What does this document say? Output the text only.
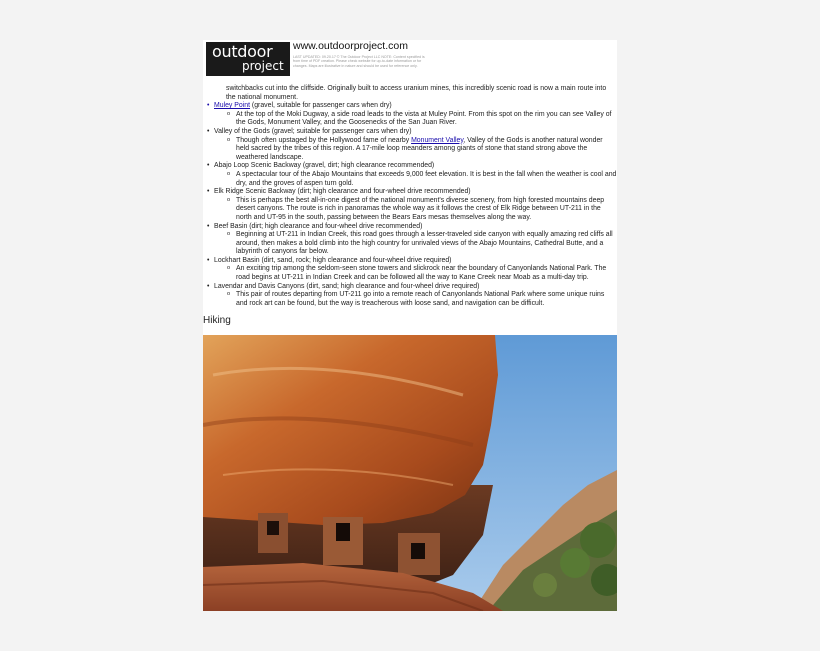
outdoor
project
www.outdoorproject.com
LAST UPDATED: 09.20.17 © The Outdoor Project LLC NOTE: Content specified is from time of PDF creation. Please check website for up-to-date information or for changes. Maps are illustrative in nature and should be used for reference only.
switchbacks cut into the cliffside. Originally built to access uranium mines, this incredibly scenic road is now a main route into the national monument.
• Muley Point (gravel, suitable for passenger cars when dry)
o At the top of the Moki Dugway, a side road leads to the vista at Muley Point. From this spot on the rim you can see Valley of the Gods, Monument Valley, and the Goosenecks of the San Juan River.
• Valley of the Gods (gravel; suitable for passenger cars when dry)
o Though often upstaged by the Hollywood fame of nearby Monument Valley, Valley of the Gods is another natural wonder held sacred by the tribes of this region. A 17-mile loop meanders among giants of stone that stand strong above the weathered landscape.
• Abajo Loop Scenic Backway (gravel, dirt; high clearance recommended)
o A spectacular tour of the Abajo Mountains that exceeds 9,000 feet elevation. It is best in the fall when the weather is cool and dry, and the groves of aspen turn gold.
• Elk Ridge Scenic Backway (dirt; high clearance and four-wheel drive recommended)
o This is perhaps the best all-in-one digest of the national monument's diverse scenery, from high forested mountains deep desert canyons. The route is rich in panoramas the whole way as it follows the crest of Elk Ridge between UT-211 in the north and UT-95 in the south, passing between the Bears Ears mesas themselves along the way.
• Beef Basin (dirt; high clearance and four-wheel drive recommended)
o Beginning at UT-211 in Indian Creek, this road goes through a lesser-traveled side canyon with equally amazing red cliffs all around, then makes a bold climb into the high country for unrivaled views of the Abajo Mountains, Cathedral Butte, and a labyrinth of canyons far below.
• Lockhart Basin (dirt, sand, rock; high clearance and four-wheel drive required)
o An exciting trip among the seldom-seen stone towers and slickrock near the boundary of Canyonlands National Park. The road begins at UT-211 in Indian Creek and can be followed all the way to Kane Creek near Moab as a multi-day trip.
• Lavendar and Davis Canyons (dirt, sand; high clearance and four-wheel drive required)
o This pair of routes departing from UT-211 go into a remote reach of Canyonlands National Park where some unique ruins and rock art can be found, but the way is treacherous with loose sand, and navigation can be difficult.
Hiking
